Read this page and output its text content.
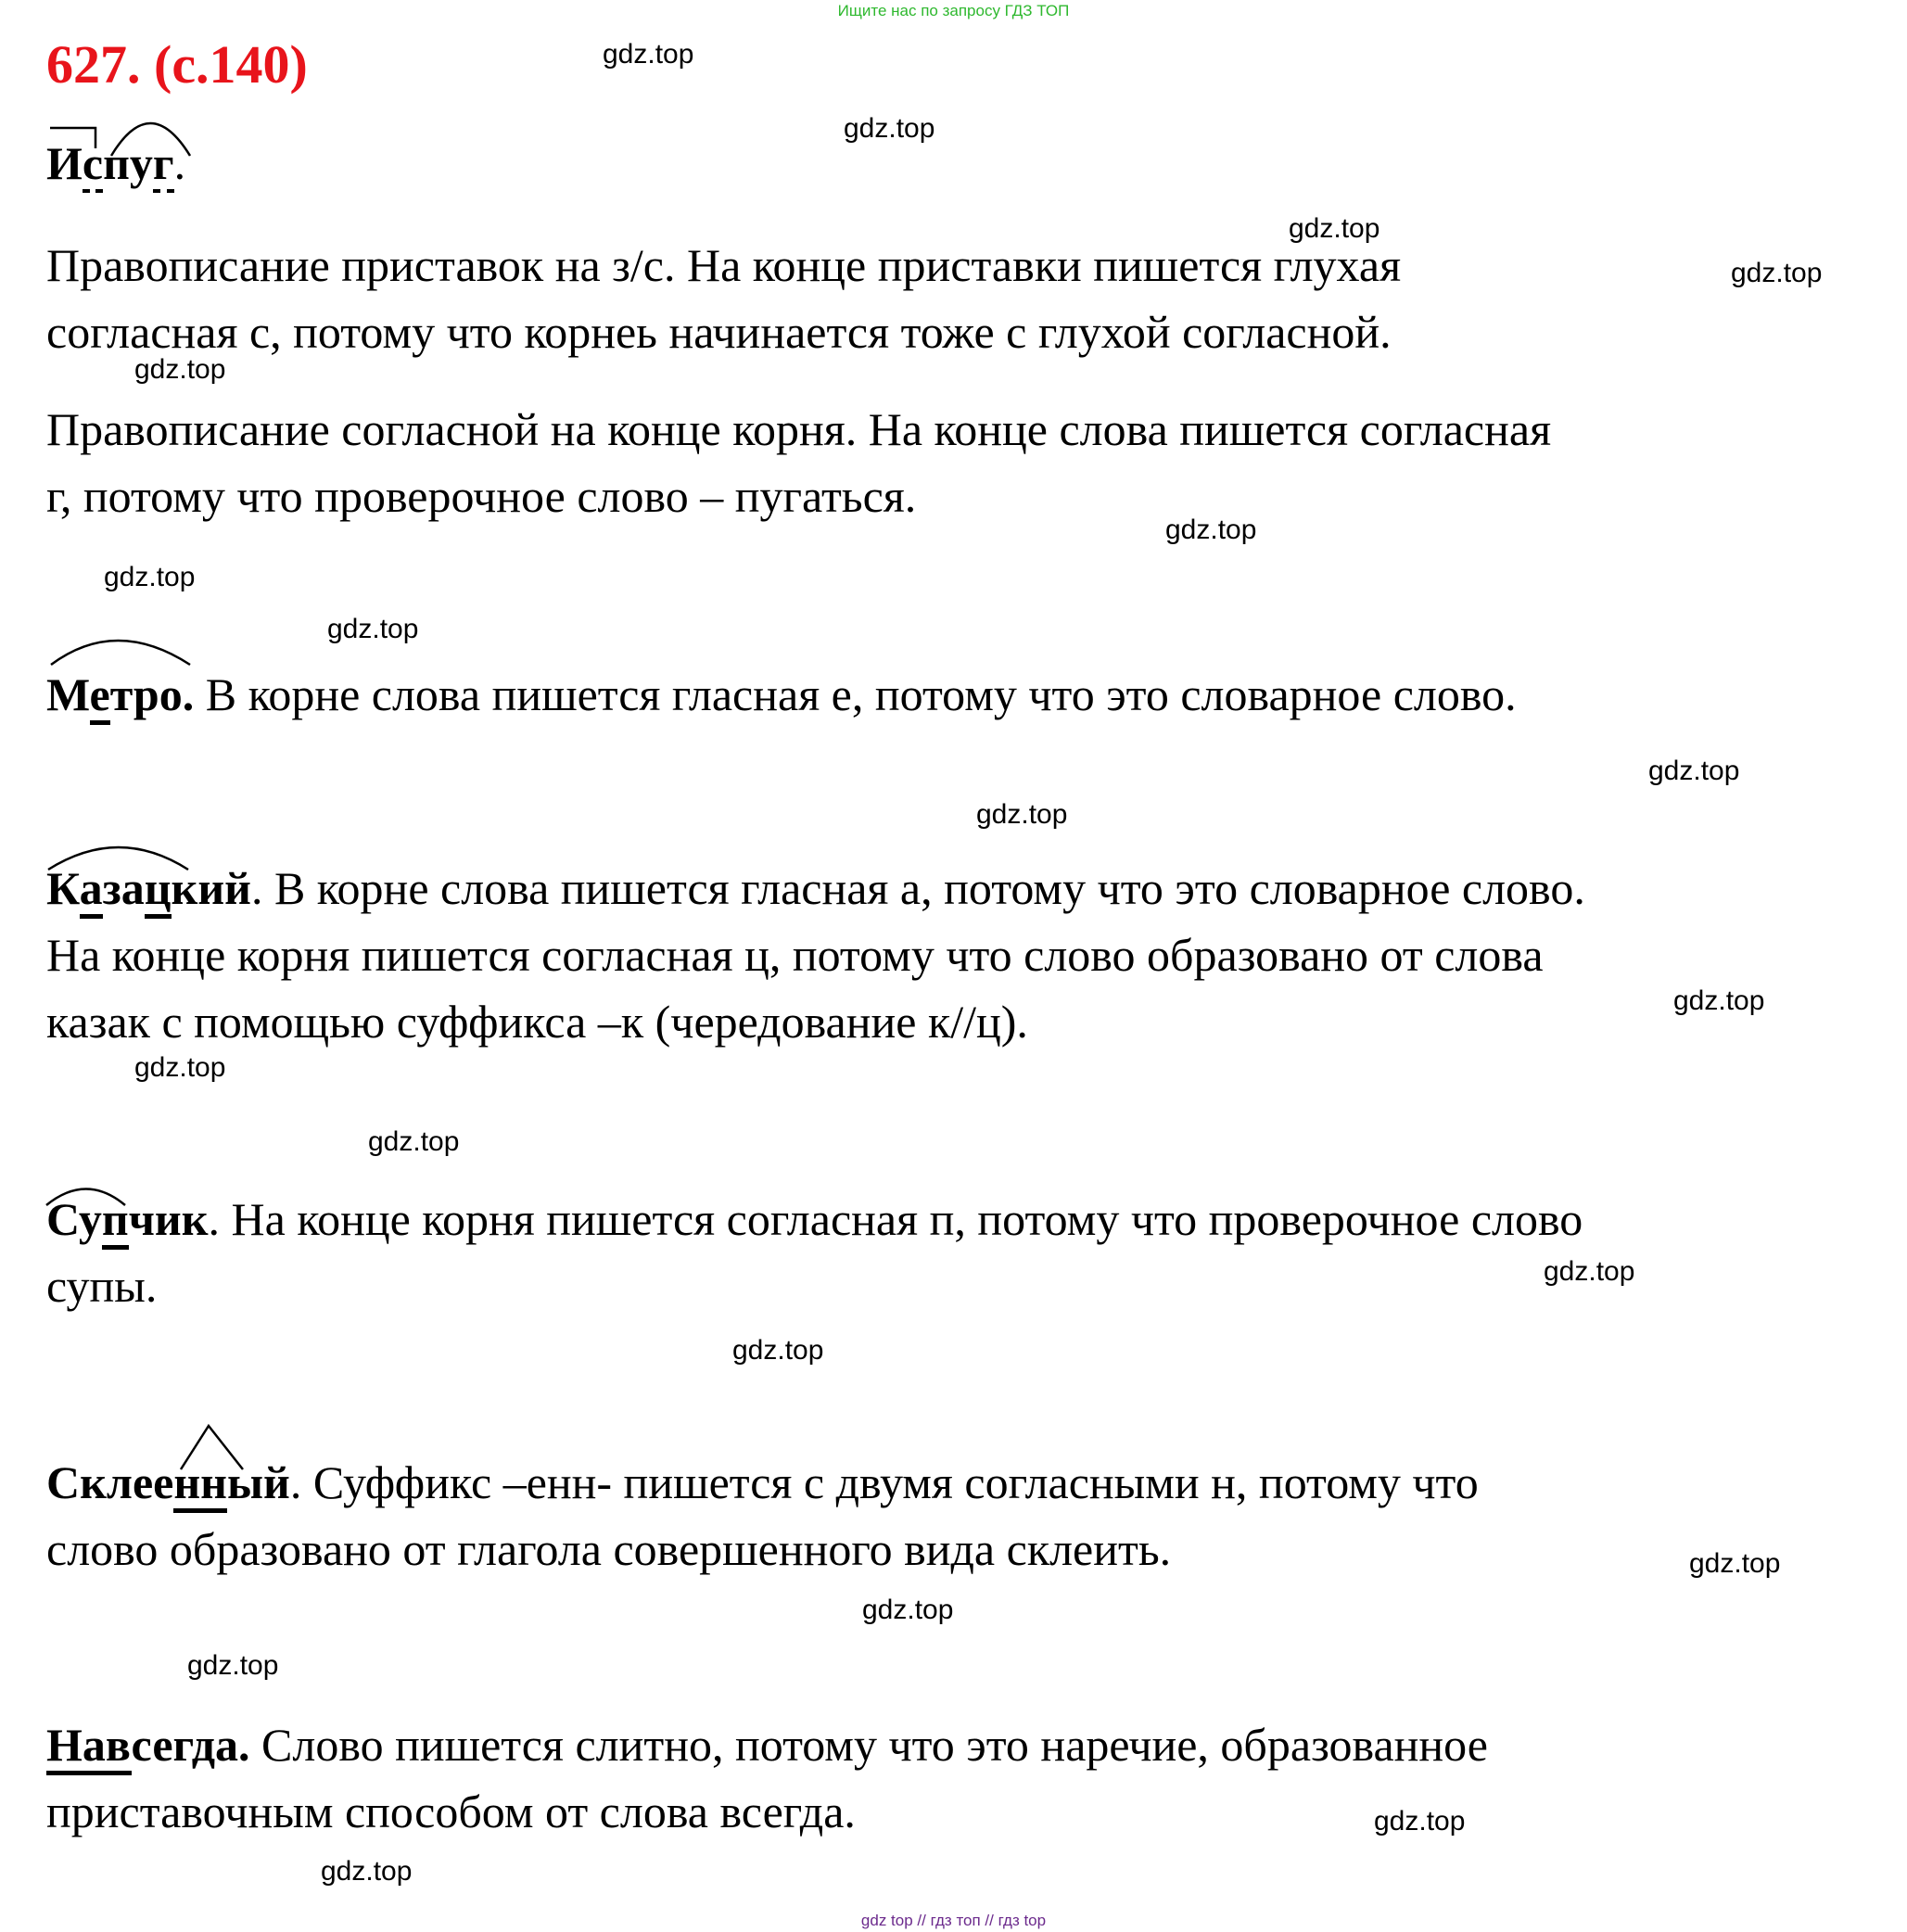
Ищите нас по запросу ГДЗ ТОП
627. (с.140)
Испуг.
Правописание приставок на з/с. На конце приставки пишется глухая
согласная с, потому что корнеь начинается тоже с глухой согласной.
Правописание согласной на конце корня. На конце слова пишется согласная
г, потому что проверочное слово – пугаться.
Метро. В корне слова пишется гласная е, потому что это словарное слово.
Казацкий. В корне слова пишется гласная а, потому что это словарное слово.
На конце корня пишется согласная ц, потому что слово образовано от слова
казак с помощью суффикса –к (чередование к//ц).
Супчик. На конце корня пишется согласная п, потому что проверочное слово
супы.
Склеенный. Суффикс –енн- пишется с двумя согласными н, потому что
слово образовано от глагола совершенного вида склеить.
Навсегда. Слово пишется слитно, потому что это наречие, образованное
приставочным способом от слова всегда.
gdz.top
gdz.top
gdz.top
gdz.top
gdz.top
gdz.top
gdz.top
gdz.top
gdz.top
gdz.top
gdz.top
gdz.top
gdz.top
gdz.top
gdz.top
gdz.top
gdz.top
gdz.top
gdz.top
gdz.top
gdz top // гдз топ // гдз top
